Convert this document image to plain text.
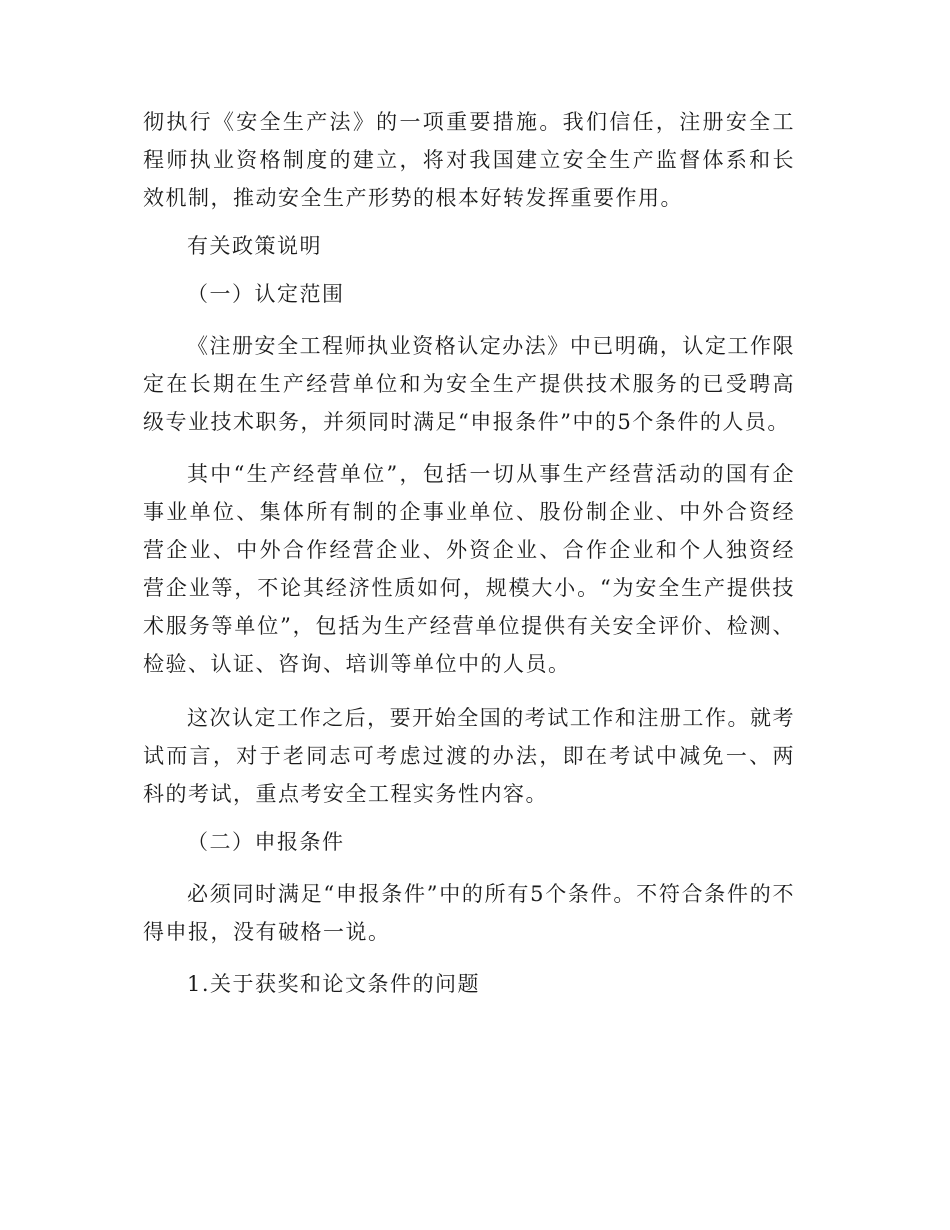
彻执行《安全生产法》的一项重要措施。我们信任，注册安全工程师执业资格制度的建立，将对我国建立安全生产监督体系和长效机制，推动安全生产形势的根本好转发挥重要作用。

有关政策说明

（一）认定范围

《注册安全工程师执业资格认定办法》中已明确，认定工作限定在长期在生产经营单位和为安全生产提供技术服务的已受聘高级专业技术职务，并须同时满足“申报条件”中的5个条件的人员。

其中“生产经营单位”，包括一切从事生产经营活动的国有企事业单位、集体所有制的企事业单位、股份制企业、中外合资经营企业、中外合作经营企业、外资企业、合作企业和个人独资经营企业等，不论其经济性质如何，规模大小。“为安全生产提供技术服务等单位”，包括为生产经营单位提供有关安全评价、检测、检验、认证、咨询、培训等单位中的人员。

这次认定工作之后，要开始全国的考试工作和注册工作。就考试而言，对于老同志可考虑过渡的办法，即在考试中减免一、两科的考试，重点考安全工程实务性内容。

（二）申报条件

必须同时满足“申报条件”中的所有5个条件。不符合条件的不得申报，没有破格一说。

1.关于获奖和论文条件的问题
